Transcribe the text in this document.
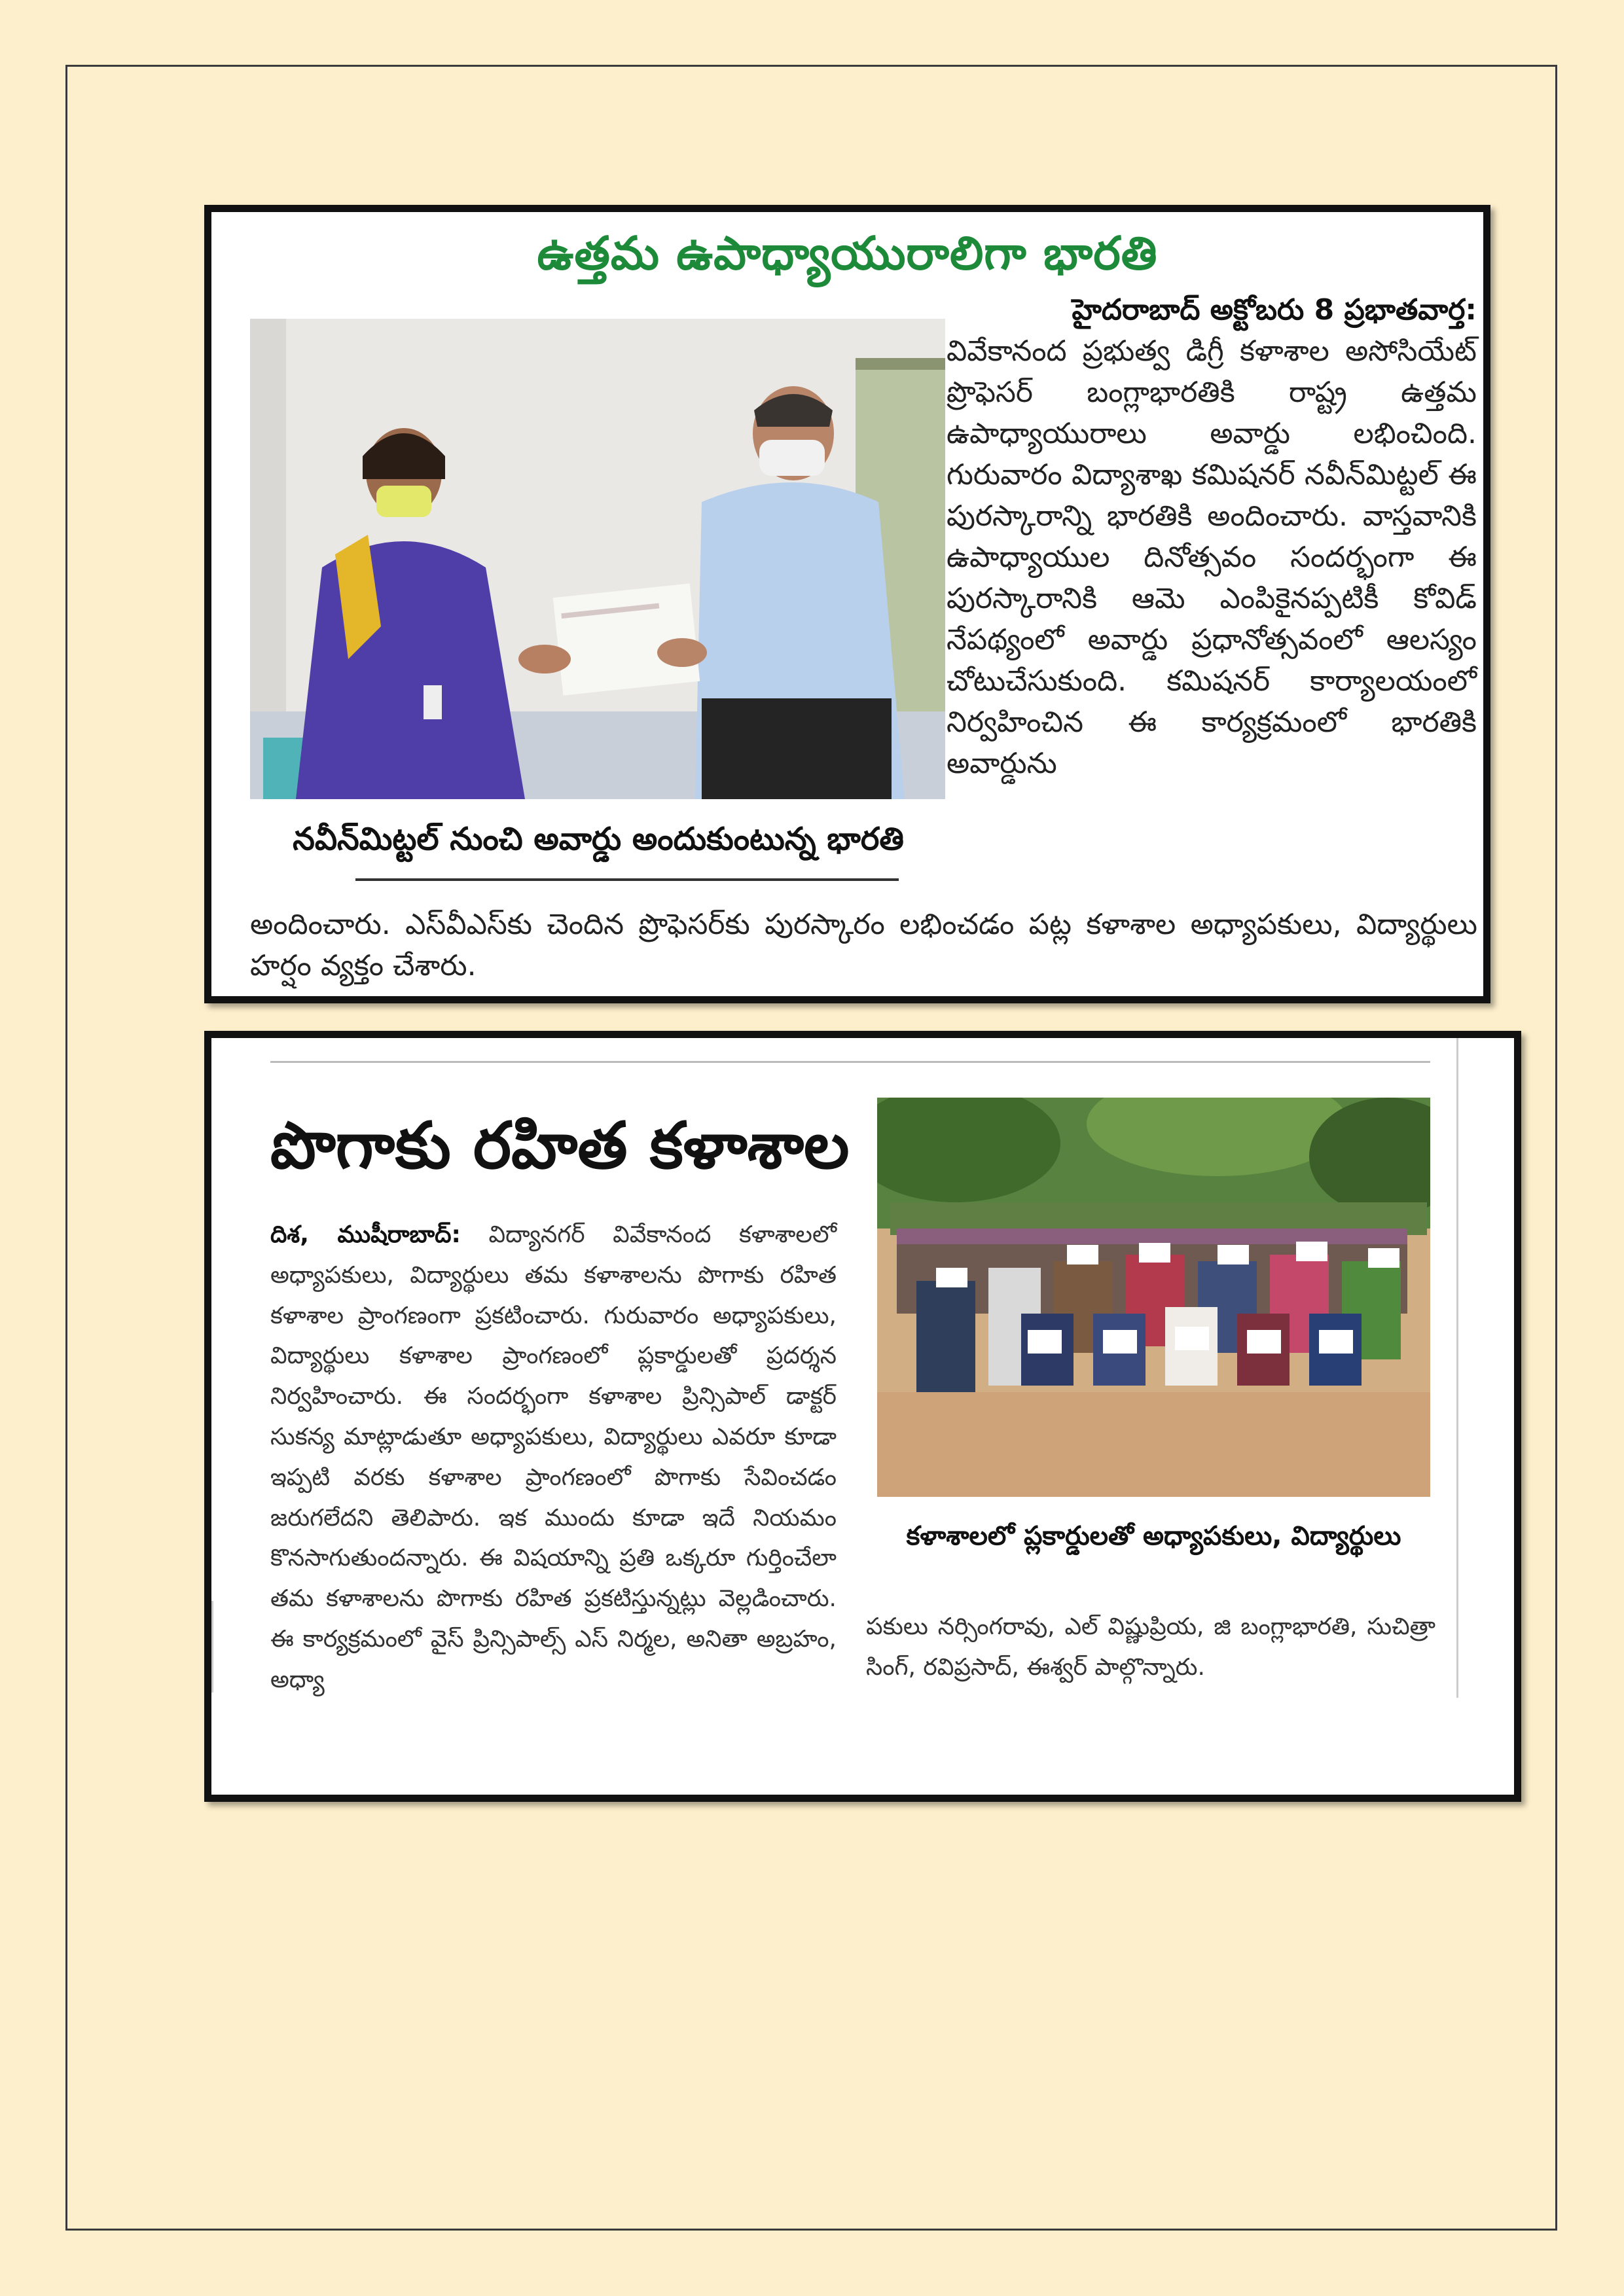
ఉత్తమ ఉపాధ్యాయురాలిగా భారతి
నవీన్‌మిట్టల్ నుంచి అవార్డు అందుకుంటున్న భారతి
హైదరాబాద్ అక్టోబరు 8 ప్రభాతవార్త:
వివేకానంద ప్రభుత్వ డిగ్రీ కళాశాల అసోసియేట్ ప్రొఫెసర్ బంగ్లాభారతికి రాష్ట్ర ఉత్తమ ఉపాధ్యాయురాలు అవార్డు లభించింది. గురువారం విద్యాశాఖ కమిషనర్ నవీన్‌మిట్టల్ ఈ పురస్కారాన్ని భారతికి అందించారు. వాస్తవానికి ఉపాధ్యాయుల దినోత్సవం సందర్భంగా ఈ పురస్కారానికి ఆమె ఎంపికైనప్పటికీ కోవిడ్ నేపథ్యంలో అవార్డు ప్రధానోత్సవంలో ఆలస్యం చోటుచేసుకుంది. కమిషనర్ కార్యాలయంలో నిర్వహించిన ఈ కార్యక్రమంలో భారతికి అవార్డును
అందించారు. ఎస్‌వీఎస్‌కు చెందిన ప్రొఫెసర్‌కు పురస్కారం లభించడం పట్ల కళాశాల అధ్యాపకులు, విద్యార్థులు హర్షం వ్యక్తం చేశారు.
పొగాకు రహిత కళాశాల
దిశ, ముషీరాబాద్: విద్యానగర్ వివేకానంద కళాశాలలో అధ్యాపకులు, విద్యార్థులు తమ కళాశాలను పొగాకు రహిత కళాశాల ప్రాంగణంగా ప్రకటించారు. గురువారం అధ్యాపకులు, విద్యార్థులు కళాశాల ప్రాంగణంలో ప్లకార్డులతో ప్రదర్శన నిర్వహించారు. ఈ సందర్భంగా కళాశాల ప్రిన్సిపాల్ డాక్టర్ సుకన్య మాట్లాడుతూ అధ్యాపకులు, విద్యార్థులు ఎవరూ కూడా ఇప్పటి వరకు కళాశాల ప్రాంగణంలో పొగాకు సేవించడం జరుగలేదని తెలిపారు. ఇక ముందు కూడా ఇదే నియమం కొనసాగుతుందన్నారు. ఈ విషయాన్ని ప్రతి ఒక్కరూ గుర్తించేలా తమ కళాశాలను పొగాకు రహిత ప్రకటిస్తున్నట్లు వెల్లడించారు. ఈ కార్యక్రమంలో వైస్ ప్రిన్సిపాల్స్ ఎస్ నిర్మల, అనితా అబ్రహం, అధ్యా
కళాశాలలో ప్లకార్డులతో అధ్యాపకులు, విద్యార్థులు
పకులు నర్సింగరావు, ఎల్ విష్ణుప్రియ, జి బంగ్లాభారతి, సుచిత్రా సింగ్, రవిప్రసాద్, ఈశ్వర్ పాల్గొన్నారు.
